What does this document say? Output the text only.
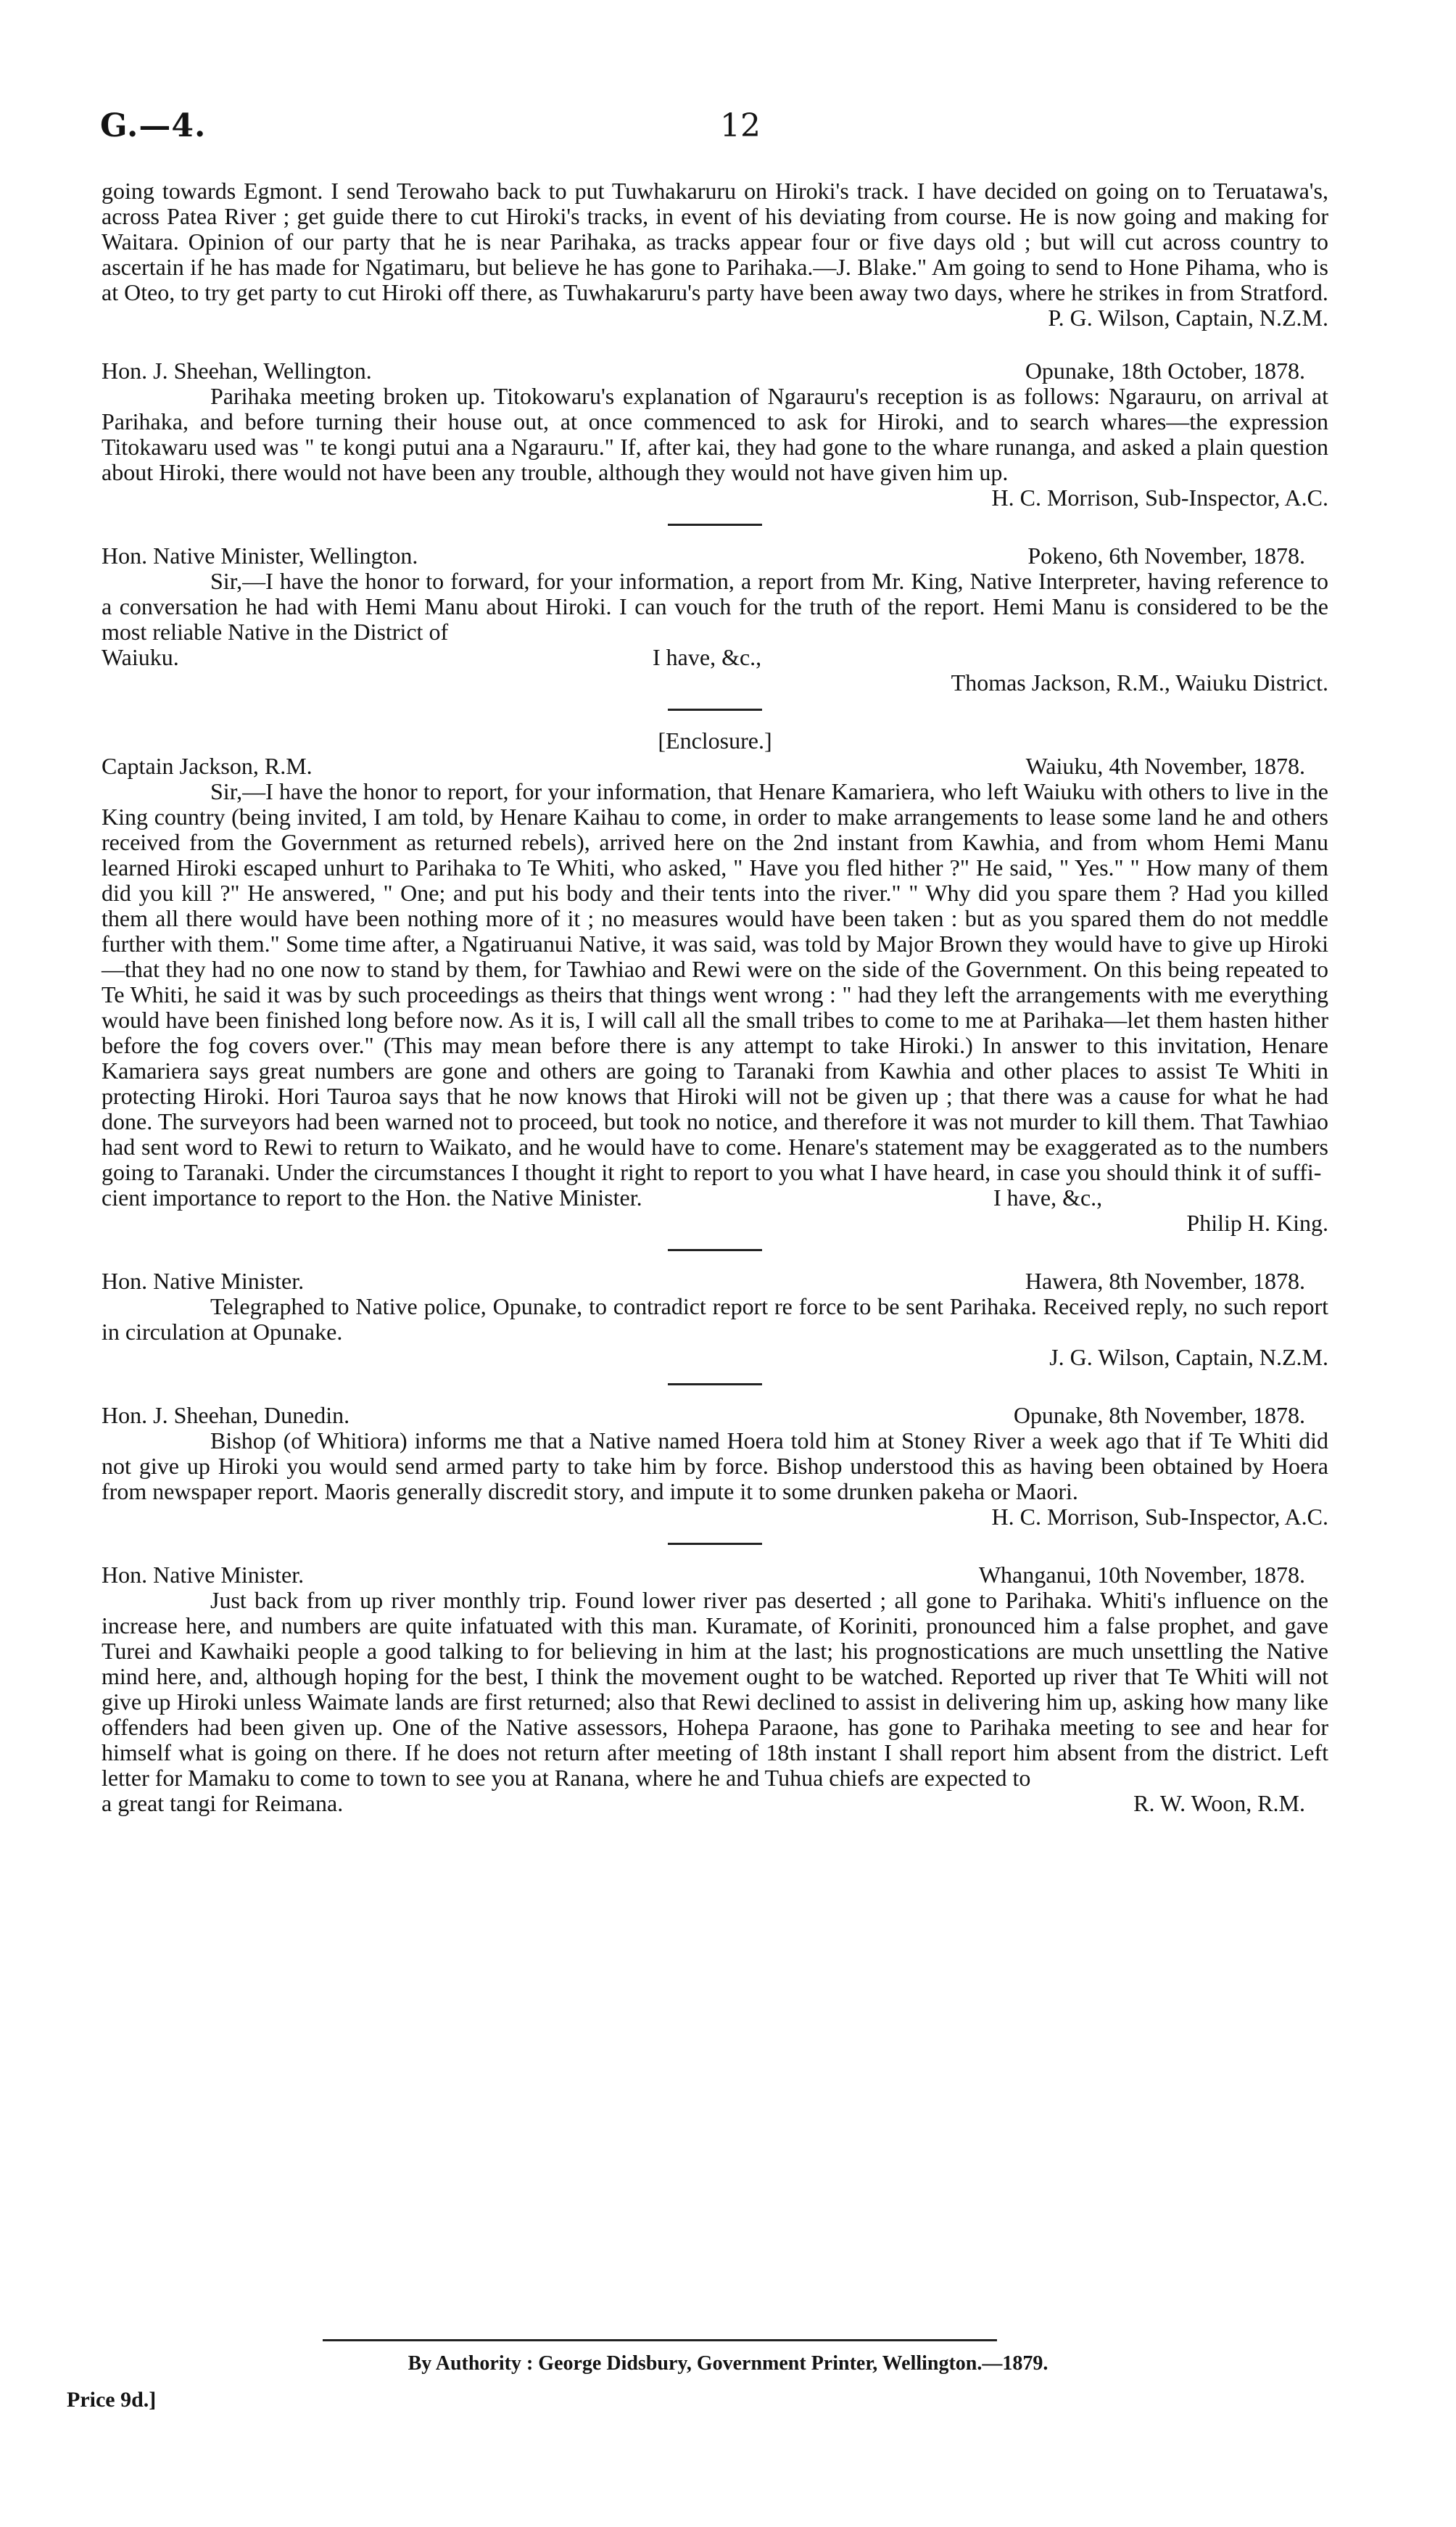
G.—4.	12

going towards Egmont. I send Terowaho back to put Tuwhakaruru on Hiroki's track. I have decided on going on to Teruatawa's, across Patea River ; get guide there to cut Hiroki's tracks, in event of his deviating from course. He is now going and making for Waitara. Opinion of our party that he is near Parihaka, as tracks appear four or five days old ; but will cut across country to ascertain if he has made for Ngatimaru, but believe he has gone to Parihaka.—J. Blake." Am going to send to Hone Pihama, who is at Oteo, to try get party to cut Hiroki off there, as Tuwhakaruru's party have been away two days, where he strikes in from Stratford.

P. G. Wilson, Captain, N.Z.M.

Hon. J. Sheehan, Wellington.	Opunake, 18th October, 1878.

Parihaka meeting broken up. Titokowaru's explanation of Ngarauru's reception is as follows: Ngarauru, on arrival at Parihaka, and before turning their house out, at once commenced to ask for Hiroki, and to search whares—the expression Titokawaru used was " te kongi putui ana a Ngarauru." If, after kai, they had gone to the whare runanga, and asked a plain question about Hiroki, there would not have been any trouble, although they would not have given him up.

H. C. Morrison, Sub-Inspector, A.C.

Hon. Native Minister, Wellington.	Pokeno, 6th November, 1878.

Sir,—I have the honor to forward, for your information, a report from Mr. King, Native Interpreter, having reference to a conversation he had with Hemi Manu about Hiroki. I can vouch for the truth of the report. Hemi Manu is considered to be the most reliable Native in the District of

Waiuku.	I have, &c.,

Thomas Jackson, R.M., Waiuku District.

[Enclosure.]

Captain Jackson, R.M.	Waiuku, 4th November, 1878.

Sir,—I have the honor to report, for your information, that Henare Kamariera, who left Waiuku with others to live in the King country (being invited, I am told, by Henare Kaihau to come, in order to make arrangements to lease some land he and others received from the Government as returned rebels), arrived here on the 2nd instant from Kawhia, and from whom Hemi Manu learned Hiroki escaped unhurt to Parihaka to Te Whiti, who asked, " Have you fled hither ?" He said, " Yes." " How many of them did you kill ?" He answered, " One; and put his body and their tents into the river." " Why did you spare them ? Had you killed them all there would have been nothing more of it ; no measures would have been taken : but as you spared them do not meddle further with them." Some time after, a Ngatiruanui Native, it was said, was told by Major Brown they would have to give up Hiroki—that they had no one now to stand by them, for Tawhiao and Rewi were on the side of the Government. On this being repeated to Te Whiti, he said it was by such proceedings as theirs that things went wrong : " had they left the arrangements with me everything would have been finished long before now. As it is, I will call all the small tribes to come to me at Parihaka—let them hasten hither before the fog covers over." (This may mean before there is any attempt to take Hiroki.) In answer to this invitation, Henare Kamariera says great numbers are gone and others are going to Taranaki from Kawhia and other places to assist Te Whiti in protecting Hiroki. Hori Tauroa says that he now knows that Hiroki will not be given up ; that there was a cause for what he had done. The surveyors had been warned not to proceed, but took no notice, and therefore it was not murder to kill them. That Tawhiao had sent word to Rewi to return to Waikato, and he would have to come. Henare's statement may be exaggerated as to the numbers going to Taranaki. Under the circumstances I thought it right to report to you what I have heard, in case you should think it of suffi-

cient importance to report to the Hon. the Native Minister.	I have, &c.,

Philip H. King.

Hon. Native Minister.	Hawera, 8th November, 1878.

Telegraphed to Native police, Opunake, to contradict report re force to be sent Parihaka. Received reply, no such report in circulation at Opunake.

J. G. Wilson, Captain, N.Z.M.

Hon. J. Sheehan, Dunedin.	Opunake, 8th November, 1878.

Bishop (of Whitiora) informs me that a Native named Hoera told him at Stoney River a week ago that if Te Whiti did not give up Hiroki you would send armed party to take him by force. Bishop understood this as having been obtained by Hoera from newspaper report. Maoris generally discredit story, and impute it to some drunken pakeha or Maori.

H. C. Morrison, Sub-Inspector, A.C.

Hon. Native Minister.	Whanganui, 10th November, 1878.

Just back from up river monthly trip. Found lower river pas deserted ; all gone to Parihaka. Whiti's influence on the increase here, and numbers are quite infatuated with this man. Kuramate, of Koriniti, pronounced him a false prophet, and gave Turei and Kawhaiki people a good talking to for believing in him at the last; his prognostications are much unsettling the Native mind here, and, although hoping for the best, I think the movement ought to be watched. Reported up river that Te Whiti will not give up Hiroki unless Waimate lands are first returned; also that Rewi declined to assist in delivering him up, asking how many like offenders had been given up. One of the Native assessors, Hohepa Paraone, has gone to Parihaka meeting to see and hear for himself what is going on there. If he does not return after meeting of 18th instant I shall report him absent from the district. Left letter for Mamaku to come to town to see you at Ranana, where he and Tuhua chiefs are expected to

a great tangi for Reimana.	R. W. Woon, R.M.
By Authority : George Didsbury, Government Printer, Wellington.—1879.
Price 9d.]
